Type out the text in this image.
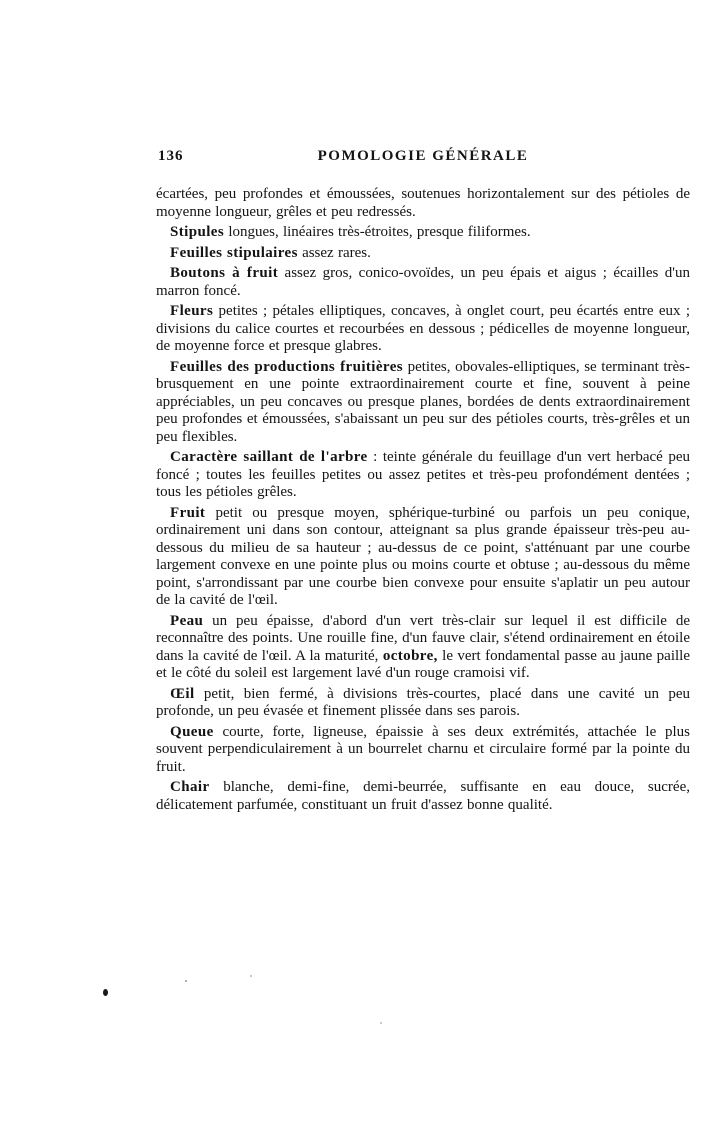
136	POMOLOGIE GÉNÉRALE

écartées, peu profondes et émoussées, soutenues horizontalement sur des pétioles de moyenne longueur, grêles et peu redressés.

Stipules longues, linéaires très-étroites, presque filiformes.

Feuilles stipulaires assez rares.

Boutons à fruit assez gros, conico-ovoïdes, un peu épais et aigus ; écailles d'un marron foncé.

Fleurs petites ; pétales elliptiques, concaves, à onglet court, peu écartés entre eux ; divisions du calice courtes et recourbées en dessous ; pédicelles de moyenne longueur, de moyenne force et presque glabres.

Feuilles des productions fruitières petites, obovales-elliptiques, se terminant très-brusquement en une pointe extraordinairement courte et fine, souvent à peine appréciables, un peu concaves ou presque planes, bordées de dents extraordinairement peu profondes et émoussées, s'abaissant un peu sur des pétioles courts, très-grêles et un peu flexibles.

Caractère saillant de l'arbre : teinte générale du feuillage d'un vert herbacé peu foncé ; toutes les feuilles petites ou assez petites et très-peu profondément dentées ; tous les pétioles grêles.

Fruit petit ou presque moyen, sphérique-turbiné ou parfois un peu conique, ordinairement uni dans son contour, atteignant sa plus grande épaisseur très-peu au-dessous du milieu de sa hauteur ; au-dessus de ce point, s'atténuant par une courbe largement convexe en une pointe plus ou moins courte et obtuse ; au-dessous du même point, s'arrondissant par une courbe bien convexe pour ensuite s'aplatir un peu autour de la cavité de l'œil.

Peau un peu épaisse, d'abord d'un vert très-clair sur lequel il est difficile de reconnaître des points. Une rouille fine, d'un fauve clair, s'étend ordinairement en étoile dans la cavité de l'œil. A la maturité, octobre, le vert fondamental passe au jaune paille et le côté du soleil est largement lavé d'un rouge cramoisi vif.

Œil petit, bien fermé, à divisions très-courtes, placé dans une cavité un peu profonde, un peu évasée et finement plissée dans ses parois.

Queue courte, forte, ligneuse, épaissie à ses deux extrémités, attachée le plus souvent perpendiculairement à un bourrelet charnu et circulaire formé par la pointe du fruit.

Chair blanche, demi-fine, demi-beurrée, suffisante en eau douce, sucrée, délicatement parfumée, constituant un fruit d'assez bonne qualité.
